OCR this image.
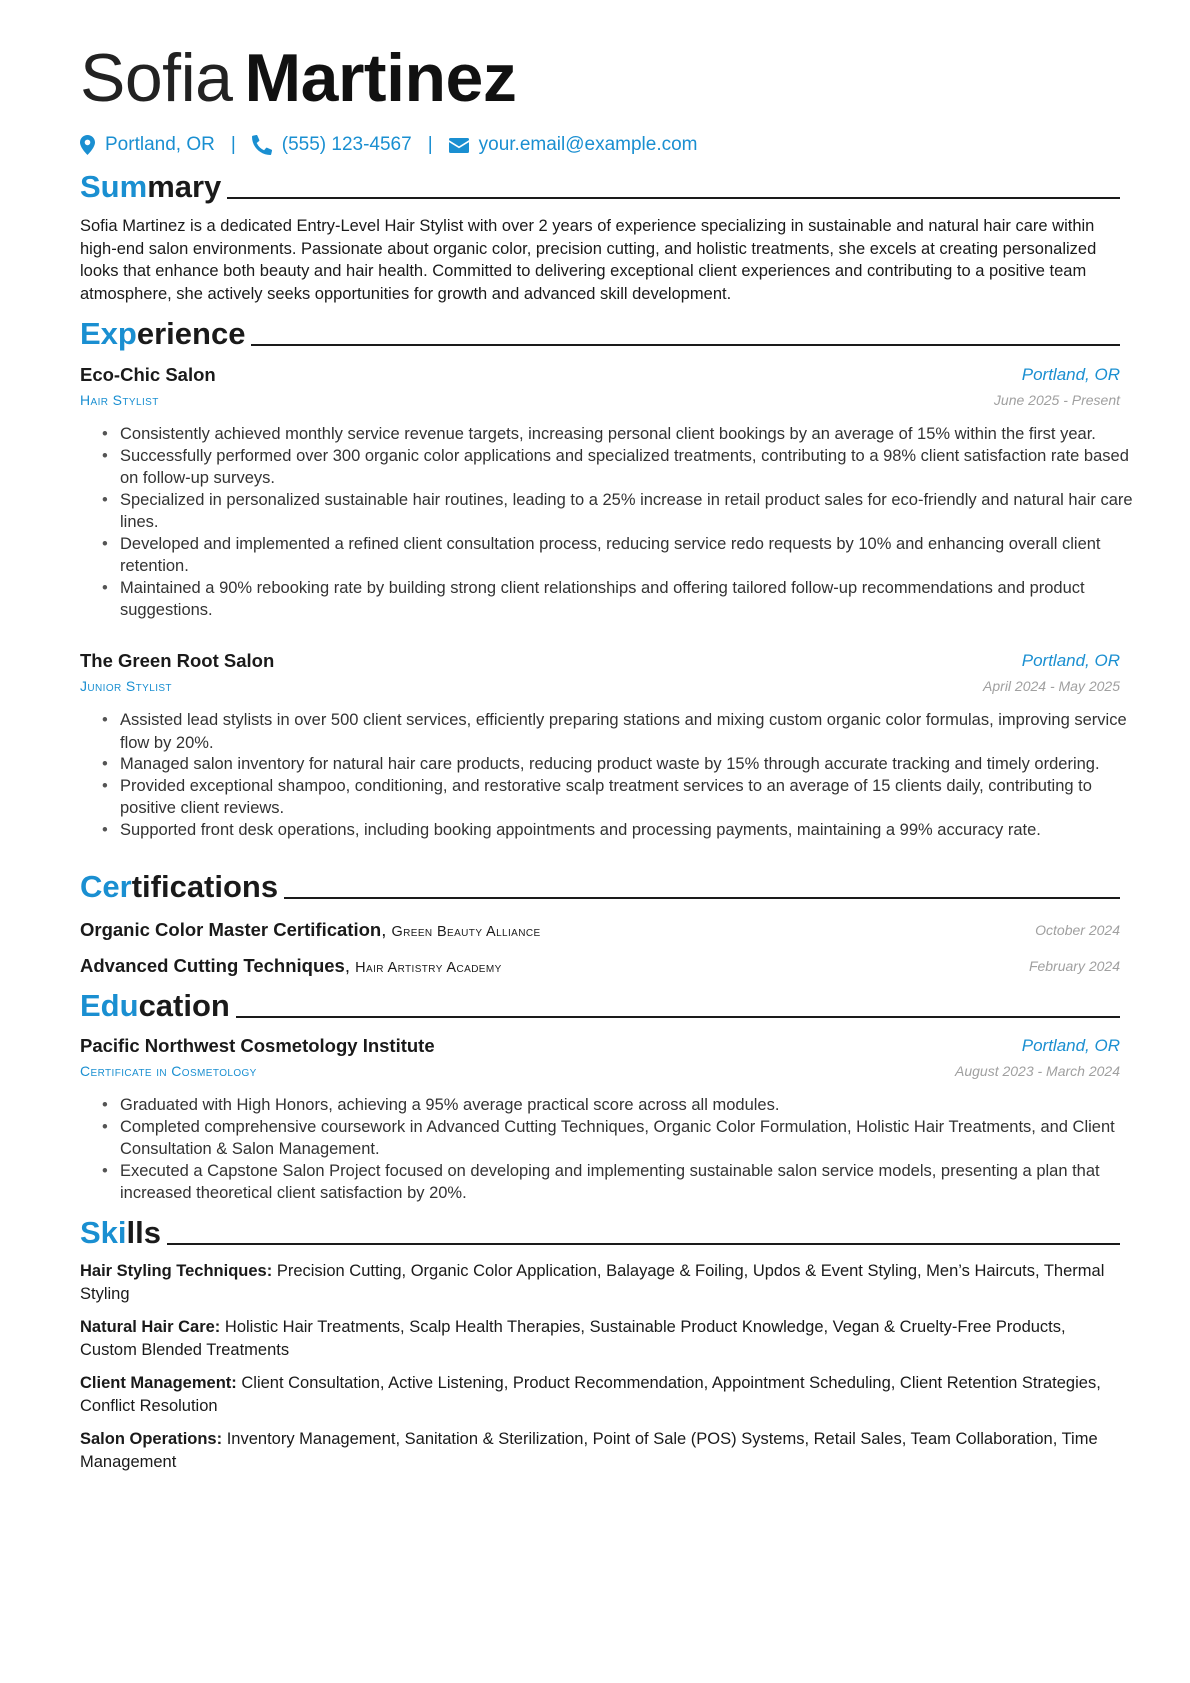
Sofia Martinez
Portland, OR | (555) 123-4567 | your.email@example.com
Summary
Sofia Martinez is a dedicated Entry-Level Hair Stylist with over 2 years of experience specializing in sustainable and natural hair care within high-end salon environments. Passionate about organic color, precision cutting, and holistic treatments, she excels at creating personalized looks that enhance both beauty and hair health. Committed to delivering exceptional client experiences and contributing to a positive team atmosphere, she actively seeks opportunities for growth and advanced skill development.
Experience
Eco-Chic Salon	Portland, OR
Hair Stylist	June 2025 - Present
• Consistently achieved monthly service revenue targets, increasing personal client bookings by an average of 15% within the first year.
• Successfully performed over 300 organic color applications and specialized treatments, contributing to a 98% client satisfaction rate based on follow-up surveys.
• Specialized in personalized sustainable hair routines, leading to a 25% increase in retail product sales for eco-friendly and natural hair care lines.
• Developed and implemented a refined client consultation process, reducing service redo requests by 10% and enhancing overall client retention.
• Maintained a 90% rebooking rate by building strong client relationships and offering tailored follow-up recommendations and product suggestions.
The Green Root Salon	Portland, OR
Junior Stylist	April 2024 - May 2025
• Assisted lead stylists in over 500 client services, efficiently preparing stations and mixing custom organic color formulas, improving service flow by 20%.
• Managed salon inventory for natural hair care products, reducing product waste by 15% through accurate tracking and timely ordering.
• Provided exceptional shampoo, conditioning, and restorative scalp treatment services to an average of 15 clients daily, contributing to positive client reviews.
• Supported front desk operations, including booking appointments and processing payments, maintaining a 99% accuracy rate.
Certifications
Organic Color Master Certification, Green Beauty Alliance	October 2024
Advanced Cutting Techniques, Hair Artistry Academy	February 2024
Education
Pacific Northwest Cosmetology Institute	Portland, OR
Certificate in Cosmetology	August 2023 - March 2024
• Graduated with High Honors, achieving a 95% average practical score across all modules.
• Completed comprehensive coursework in Advanced Cutting Techniques, Organic Color Formulation, Holistic Hair Treatments, and Client Consultation & Salon Management.
• Executed a Capstone Salon Project focused on developing and implementing sustainable salon service models, presenting a plan that increased theoretical client satisfaction by 20%.
Skills
Hair Styling Techniques: Precision Cutting, Organic Color Application, Balayage & Foiling, Updos & Event Styling, Men’s Haircuts, Thermal Styling
Natural Hair Care: Holistic Hair Treatments, Scalp Health Therapies, Sustainable Product Knowledge, Vegan & Cruelty-Free Products, Custom Blended Treatments
Client Management: Client Consultation, Active Listening, Product Recommendation, Appointment Scheduling, Client Retention Strategies, Conflict Resolution
Salon Operations: Inventory Management, Sanitation & Sterilization, Point of Sale (POS) Systems, Retail Sales, Team Collaboration, Time Management
